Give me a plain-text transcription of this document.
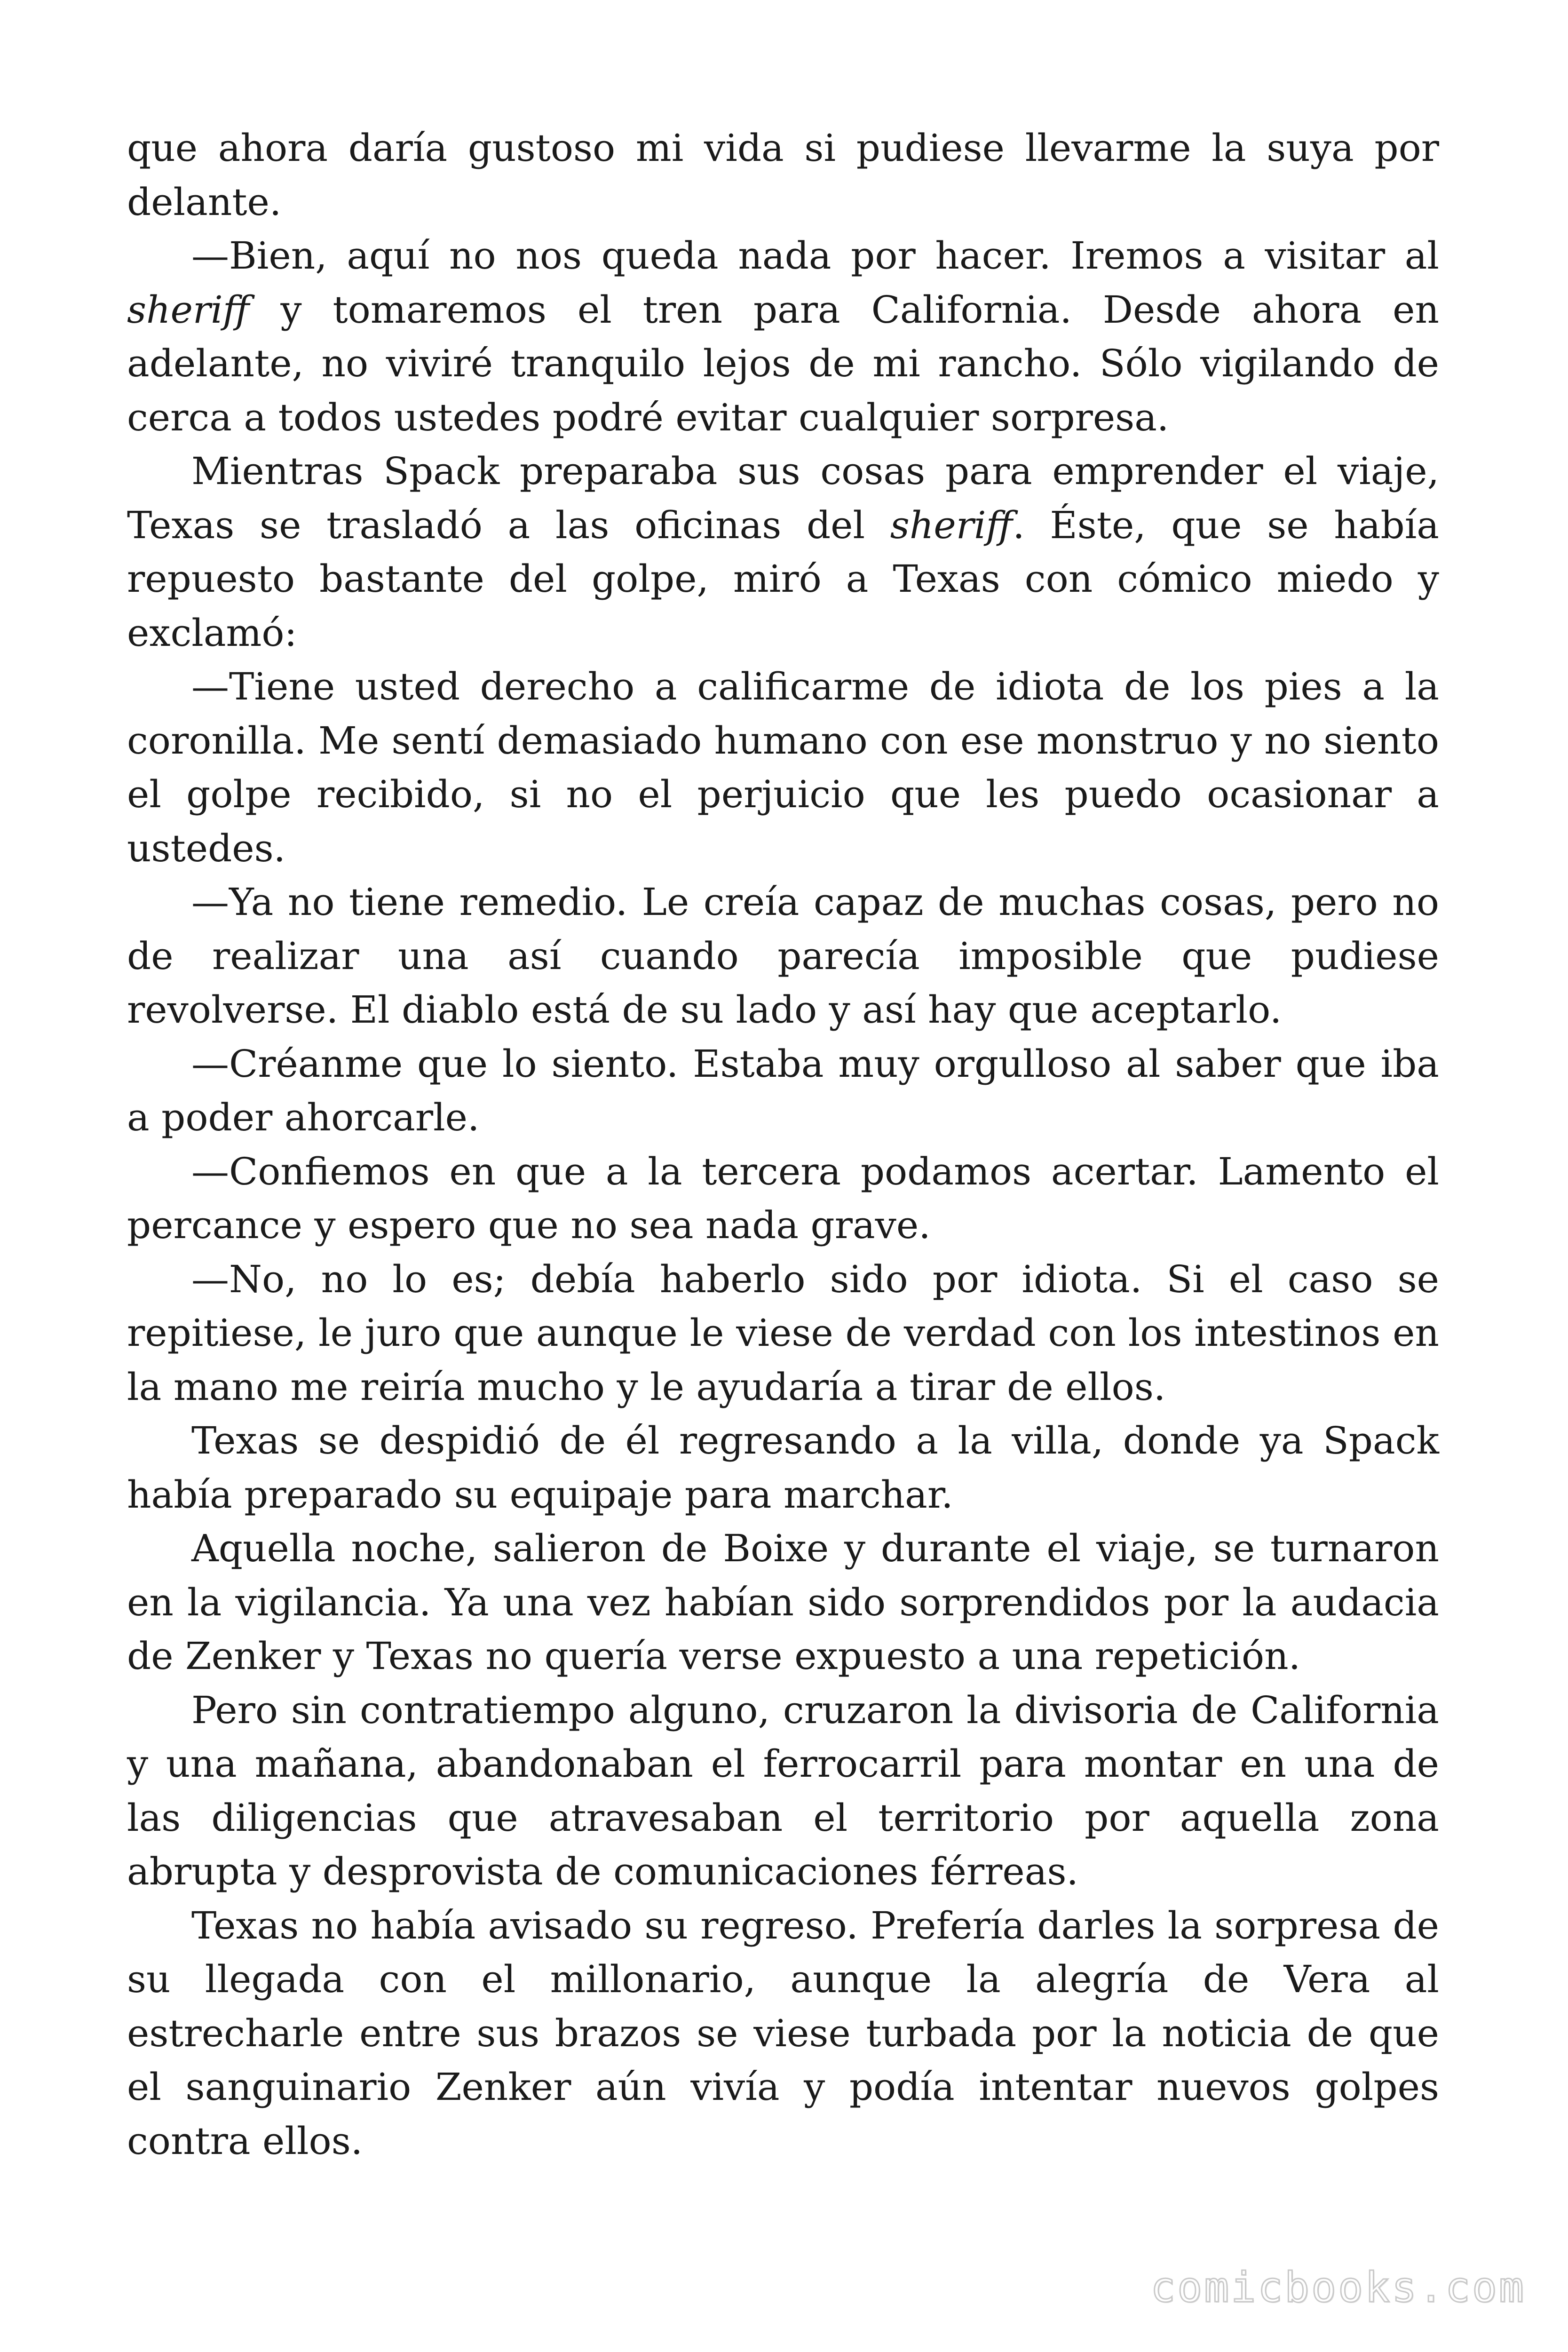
que ahora daría gustoso mi vida si pudiese llevarme la suya por delante.

—Bien, aquí no nos queda nada por hacer. Iremos a visitar al sheriff y tomaremos el tren para California. Desde ahora en adelante, no viviré tranquilo lejos de mi rancho. Sólo vigilando de cerca a todos ustedes podré evitar cualquier sorpresa.

Mientras Spack preparaba sus cosas para emprender el viaje, Texas se trasladó a las oficinas del sheriff. Éste, que se había repuesto bastante del golpe, miró a Texas con cómico miedo y exclamó:

—Tiene usted derecho a calificarme de idiota de los pies a la coronilla. Me sentí demasiado humano con ese monstruo y no siento el golpe recibido, si no el perjuicio que les puedo ocasionar a ustedes.

—Ya no tiene remedio. Le creía capaz de muchas cosas, pero no de realizar una así cuando parecía imposible que pudiese revolverse. El diablo está de su lado y así hay que aceptarlo.

—Créanme que lo siento. Estaba muy orgulloso al saber que iba a poder ahorcarle.

—Confiemos en que a la tercera podamos acertar. Lamento el percance y espero que no sea nada grave.

—No, no lo es; debía haberlo sido por idiota. Si el caso se repitiese, le juro que aunque le viese de verdad con los intestinos en la mano me reiría mucho y le ayudaría a tirar de ellos.

Texas se despidió de él regresando a la villa, donde ya Spack había preparado su equipaje para marchar.

Aquella noche, salieron de Boixe y durante el viaje, se turnaron en la vigilancia. Ya una vez habían sido sorprendidos por la audacia de Zenker y Texas no quería verse expuesto a una repetición.

Pero sin contratiempo alguno, cruzaron la divisoria de California y una mañana, abandonaban el ferrocarril para montar en una de las diligencias que atravesaban el territorio por aquella zona abrupta y desprovista de comunicaciones férreas.

Texas no había avisado su regreso. Prefería darles la sorpresa de su llegada con el millonario, aunque la alegría de Vera al estrecharle entre sus brazos se viese turbada por la noticia de que el sanguinario Zenker aún vivía y podía intentar nuevos golpes contra ellos.

comicbooks.com
